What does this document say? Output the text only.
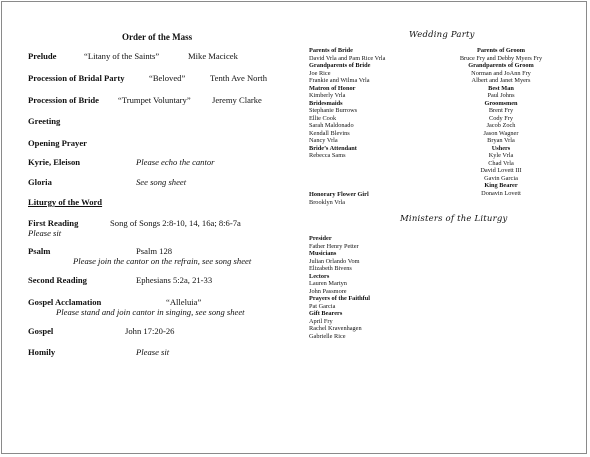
Order of the Mass
Prelude	“Litany of the Saints”	Mike Macicek
Procession of Bridal Party	“Beloved”	Tenth Ave North
Procession of Bride “Trumpet Voluntary” Jeremy Clarke
Greeting
Opening Prayer
Kyrie, Eleison	Please echo the cantor
Gloria	See song sheet
Liturgy of the Word
First Reading	Song of Songs 2:8-10, 14, 16a; 8:6-7a
Please sit
Psalm	Psalm 128
Please join the cantor on the refrain, see song sheet
Second Reading	Ephesians 5:2a, 21-33
Gospel Acclamation	“Alleluia”
Please stand and join cantor in singing, see song sheet
Gospel	John 17:20-26
Homily	Please sit
Wedding Party
Parents of Bride
David Vrla and Pam Rice Vrla
Grandparents of Bride
Joe Rice
Frankie and Wilma Vrla
Matron of Honor
Kimberly Vrla
Bridesmaids
Stephanie Burrows
Ellie Cook
Sarah Maldonado
Kendall Blevins
Nancy Vrla
Bride’s Attendant
Rebecca Sams
Parents of Groom
Bruce Fry and Debby Myers Fry
Grandparents of Groom
Norman and JoAnn Fry
Albert and Janet Myers
Best Man
Paul Johns
Groomsmen
Brent Fry
Cody Fry
Jacob Zoch
Jason Wagner
Bryan Vrla
Ushers
Kyle Vrla
Chad Vrla
David Lovett III
Gavin Garcia
King Bearer
Donavin Lovett
Honorary Flower Girl
Brooklyn Vrla
Ministers of the Liturgy
Presider
Father Henry Petter
Musicians
Julian Orlando Vom
Elizabeth Bivens
Lectors
Lauren Martyn
John Passmore
Prayers of the Faithful
Pat Garcia
Gift Bearers
April Fry
Rachel Kravenhagen
Gabrielle Rice
